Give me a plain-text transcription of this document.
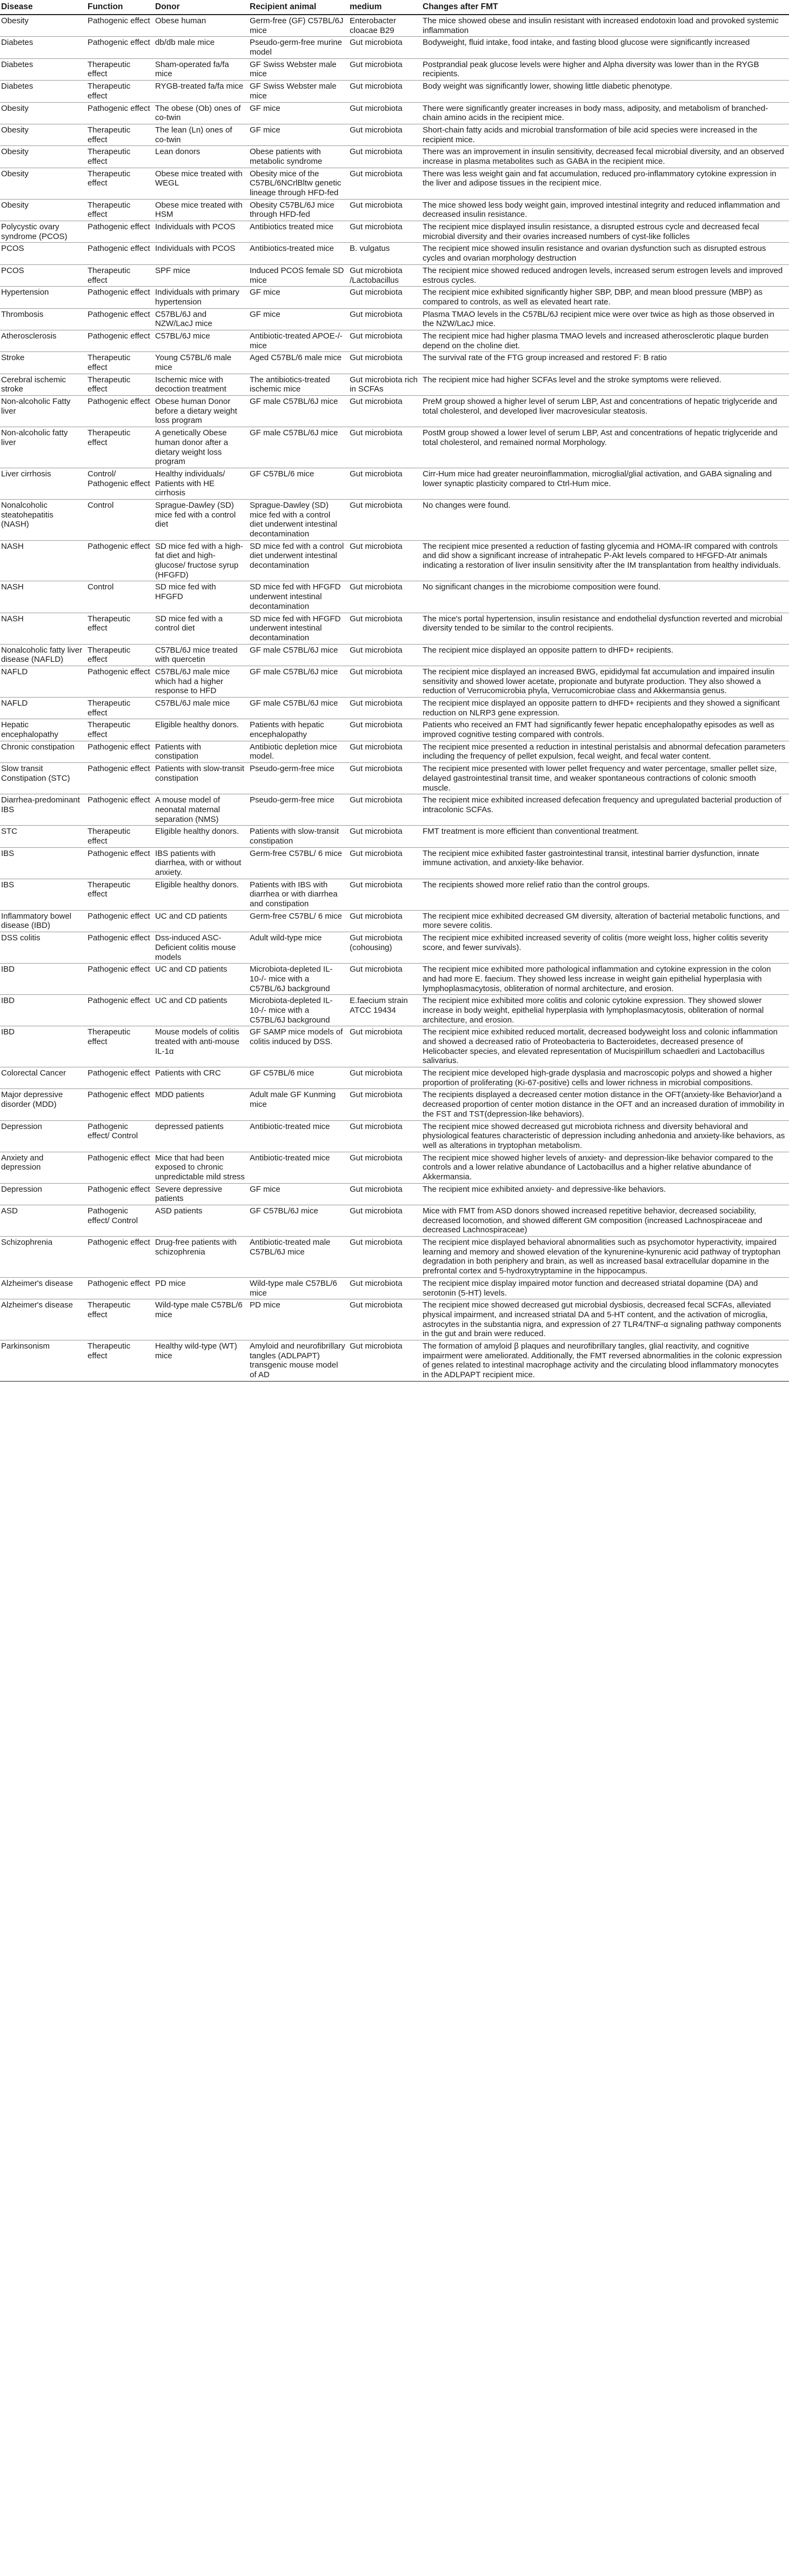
Disease	Function	Donor	Recipient animal	medium	Changes after FMT
Obesity	Pathogenic effect	Obese human	Germ-free (GF) C57BL/6J mice	Enterobacter cloacae B29	The mice showed obese and insulin resistant with increased endotoxin load and provoked systemic inflammation
Diabetes	Pathogenic effect	db/db male mice	Pseudo-germ-free murine model	Gut microbiota	Bodyweight, fluid intake, food intake, and fasting blood glucose were significantly increased
Diabetes	Therapeutic effect	Sham-operated fa/fa mice	GF Swiss Webster male mice	Gut microbiota	Postprandial peak glucose levels were higher and Alpha diversity was lower than in the RYGB recipients.
Diabetes	Therapeutic effect	RYGB-treated fa/fa mice	GF Swiss Webster male mice	Gut microbiota	Body weight was significantly lower, showing little diabetic phenotype.
Obesity	Pathogenic effect	The obese (Ob) ones of co-twin	GF mice	Gut microbiota	There were significantly greater increases in body mass, adiposity, and metabolism of branched-chain amino acids in the recipient mice.
Obesity	Therapeutic effect	The lean (Ln) ones of co-twin	GF mice	Gut microbiota	Short-chain fatty acids and microbial transformation of bile acid species were increased in the recipient mice.
Obesity	Therapeutic effect	Lean donors	Obese patients with metabolic syndrome	Gut microbiota	There was an improvement in insulin sensitivity, decreased fecal microbial diversity, and an observed increase in plasma metabolites such as GABA in the recipient mice.
Obesity	Therapeutic effect	Obese mice treated with WEGL	Obesity mice of the C57BL/6NCrlBltw genetic lineage through HFD-fed	Gut microbiota	There was less weight gain and fat accumulation, reduced pro-inflammatory cytokine expression in the liver and adipose tissues in the recipient mice.
Obesity	Therapeutic effect	Obese mice treated with HSM	Obesity C57BL/6J mice through HFD-fed	Gut microbiota	The mice showed less body weight gain, improved intestinal integrity and reduced inflammation and decreased insulin resistance.
Polycystic ovary syndrome (PCOS)	Pathogenic effect	Individuals with PCOS	Antibiotics treated mice	Gut microbiota	The recipient mice displayed insulin resistance, a disrupted estrous cycle and decreased fecal microbial diversity and their ovaries increased numbers of cyst-like follicles
PCOS	Pathogenic effect	Individuals with PCOS	Antibiotics-treated mice	B. vulgatus	The recipient mice showed insulin resistance and ovarian dysfunction such as disrupted estrous cycles and ovarian morphology destruction
PCOS	Therapeutic effect	SPF mice	Induced PCOS female SD mice	Gut microbiota /Lactobacillus	The recipient mice showed reduced androgen levels, increased serum estrogen levels and improved estrous cycles.
Hypertension	Pathogenic effect	Individuals with primary hypertension	GF mice	Gut microbiota	The recipient mice exhibited significantly higher SBP, DBP, and mean blood pressure (MBP) as compared to controls, as well as elevated heart rate.
Thrombosis	Pathogenic effect	C57BL/6J and NZW/LacJ mice	GF mice	Gut microbiota	Plasma TMAO levels in the C57BL/6J recipient mice were over twice as high as those observed in the NZW/LacJ mice.
Atherosclerosis	Pathogenic effect	C57BL/6J mice	Antibiotic-treated APOE-/- mice	Gut microbiota	The recipient mice had higher plasma TMAO levels and increased atherosclerotic plaque burden depend on the choline diet.
Stroke	Therapeutic effect	Young C57BL/6 male mice	Aged C57BL/6 male mice	Gut microbiota	The survival rate of the FTG group increased and restored F: B ratio
Cerebral ischemic stroke	Therapeutic effect	Ischemic mice with decoction treatment	The antibiotics-treated ischemic mice	Gut microbiota rich in SCFAs	The recipient mice had higher SCFAs level and the stroke symptoms were relieved.
Non-alcoholic Fatty liver	Pathogenic effect	Obese human Donor before a dietary weight loss program	GF male C57BL/6J mice	Gut microbiota	PreM group showed a higher level of serum LBP, Ast and concentrations of hepatic triglyceride and total cholesterol, and developed liver macrovesicular steatosis.
Non-alcoholic fatty liver	Therapeutic effect	A genetically Obese human donor after a dietary weight loss program	GF male C57BL/6J mice	Gut microbiota	PostM group showed a lower level of serum LBP, Ast and concentrations of hepatic triglyceride and total cholesterol, and remained normal Morphology.
Liver cirrhosis	Control/ Pathogenic effect	Healthy individuals/ Patients with HE cirrhosis	GF C57BL/6 mice	Gut microbiota	Cirr-Hum mice had greater neuroinflammation, microglial/glial activation, and GABA signaling and lower synaptic plasticity compared to Ctrl-Hum mice.
Nonalcoholic steatohepatitis (NASH)	Control	Sprague-Dawley (SD) mice fed with a control diet	Sprague-Dawley (SD) mice fed with a control diet underwent intestinal decontamination	Gut microbiota	No changes were found.
NASH	Pathogenic effect	SD mice fed with a high-fat diet and high-glucose/ fructose syrup (HFGFD)	SD mice fed with a control diet underwent intestinal decontamination	Gut microbiota	The recipient mice presented a reduction of fasting glycemia and HOMA-IR compared with controls and did show a significant increase of intrahepatic P-Akt levels compared to HFGFD-Atr animals indicating a restoration of liver insulin sensitivity after the IM transplantation from healthy individuals.
NASH	Control	SD mice fed with HFGFD	SD mice fed with HFGFD underwent intestinal decontamination	Gut microbiota	No significant changes in the microbiome composition were found.
NASH	Therapeutic effect	SD mice fed with a control diet	SD mice fed with HFGFD underwent intestinal decontamination	Gut microbiota	The mice's portal hypertension, insulin resistance and endothelial dysfunction reverted and microbial diversity tended to be similar to the control recipients.
Nonalcoholic fatty liver disease (NAFLD)	Therapeutic effect	C57BL/6J mice treated with quercetin	GF male C57BL/6J mice	Gut microbiota	The recipient mice displayed an opposite pattern to dHFD+ recipients.
NAFLD	Pathogenic effect	C57BL/6J male mice which had a higher response to HFD	GF male C57BL/6J mice	Gut microbiota	The recipient mice displayed an increased BWG, epididymal fat accumulation and impaired insulin sensitivity and showed lower acetate, propionate and butyrate production. They also showed a reduction of Verrucomicrobia phyla, Verrucomicrobiae class and Akkermansia genus.
NAFLD	Therapeutic effect	C57BL/6J male mice	GF male C57BL/6J mice	Gut microbiota	The recipient mice displayed an opposite pattern to dHFD+ recipients and they showed a significant reduction on NLRP3 gene expression.
Hepatic encephalopathy	Therapeutic effect	Eligible healthy donors.	Patients with hepatic encephalopathy	Gut microbiota	Patients who received an FMT had significantly fewer hepatic encephalopathy episodes as well as improved cognitive testing compared with controls.
Chronic constipation	Pathogenic effect	Patients with constipation	Antibiotic depletion mice model.	Gut microbiota	The recipient mice presented a reduction in intestinal peristalsis and abnormal defecation parameters including the frequency of pellet expulsion, fecal weight, and fecal water content.
Slow transit Constipation (STC)	Pathogenic effect	Patients with slow-transit constipation	Pseudo-germ-free mice	Gut microbiota	The recipient mice presented with lower pellet frequency and water percentage, smaller pellet size, delayed gastrointestinal transit time, and weaker spontaneous contractions of colonic smooth muscle.
Diarrhea-predominant IBS	Pathogenic effect	A mouse model of neonatal maternal separation (NMS)	Pseudo-germ-free mice	Gut microbiota	The recipient mice exhibited increased defecation frequency and upregulated bacterial production of intracolonic SCFAs.
STC	Therapeutic effect	Eligible healthy donors.	Patients with slow-transit constipation	Gut microbiota	FMT treatment is more efficient than conventional treatment.
IBS	Pathogenic effect	IBS patients with diarrhea, with or without anxiety.	Germ-free C57BL/ 6 mice	Gut microbiota	The recipient mice exhibited faster gastrointestinal transit, intestinal barrier dysfunction, innate immune activation, and anxiety-like behavior.
IBS	Therapeutic effect	Eligible healthy donors.	Patients with IBS with diarrhea or with diarrhea and constipation	Gut microbiota	The recipients showed more relief ratio than the control groups.
Inflammatory bowel disease (IBD)	Pathogenic effect	UC and CD patients	Germ-free C57BL/ 6 mice	Gut microbiota	The recipient mice exhibited decreased GM diversity, alteration of bacterial metabolic functions, and more severe colitis.
DSS colitis	Pathogenic effect	Dss-induced ASC-Deficient colitis mouse models	Adult wild-type mice	Gut microbiota (cohousing)	The recipient mice exhibited increased severity of colitis (more weight loss, higher colitis severity score, and fewer survivals).
IBD	Pathogenic effect	UC and CD patients	Microbiota-depleted IL-10-/- mice with a C57BL/6J background	Gut microbiota	The recipient mice exhibited more pathological inflammation and cytokine expression in the colon and had more E. faecium. They showed less increase in weight gain epithelial hyperplasia with lymphoplasmacytosis, obliteration of normal architecture, and erosion.
IBD	Pathogenic effect	UC and CD patients	Microbiota-depleted IL-10-/- mice with a C57BL/6J background	E.faecium strain ATCC 19434	The recipient mice exhibited more colitis and colonic cytokine expression. They showed slower increase in body weight, epithelial hyperplasia with lymphoplasmacytosis, obliteration of normal architecture, and erosion.
IBD	Therapeutic effect	Mouse models of colitis treated with anti-mouse IL-1α	GF SAMP mice models of colitis induced by DSS.	Gut microbiota	The recipient mice exhibited reduced mortalit, decreased bodyweight loss and colonic inflammation and showed a decreased ratio of Proteobacteria to Bacteroidetes, decreased presence of Helicobacter species, and elevated representation of Mucispirillum schaedleri and Lactobacillus salivarius.
Colorectal Cancer	Pathogenic effect	Patients with CRC	GF C57BL/6 mice	Gut microbiota	The recipient mice developed high-grade dysplasia and macroscopic polyps and showed a higher proportion of proliferating (Ki-67-positive) cells and lower richness in microbial compositions.
Major depressive disorder (MDD)	Pathogenic effect	MDD patients	Adult male GF Kunming mice	Gut microbiota	The recipients displayed a decreased center motion distance in the OFT(anxiety-like Behavior)and a decreased proportion of center motion distance in the OFT and an increased duration of immobility in the FST and TST(depression-like behaviors).
Depression	Pathogenic effect/ Control	depressed patients	Antibiotic-treated mice	Gut microbiota	The recipient mice showed decreased gut microbiota richness and diversity behavioral and physiological features characteristic of depression including anhedonia and anxiety-like behaviors, as well as alterations in tryptophan metabolism.
Anxiety and depression	Pathogenic effect	Mice that had been exposed to chronic unpredictable mild stress	Antibiotic-treated mice	Gut microbiota	The recipient mice showed higher levels of anxiety- and depression-like behavior compared to the controls and a lower relative abundance of Lactobacillus and a higher relative abundance of Akkermansia.
Depression	Pathogenic effect	Severe depressive patients	GF mice	Gut microbiota	The recipient mice exhibited anxiety- and depressive-like behaviors.
ASD	Pathogenic effect/ Control	ASD patients	GF C57BL/6J mice	Gut microbiota	Mice with FMT from ASD donors showed increased repetitive behavior, decreased sociability, decreased locomotion, and showed different GM composition (increased Lachnospiraceae and decreased Lachnospiraceae)
Schizophrenia	Pathogenic effect	Drug-free patients with schizophrenia	Antibiotic-treated male C57BL/6J mice	Gut microbiota	The recipient mice displayed behavioral abnormalities such as psychomotor hyperactivity, impaired learning and memory and showed elevation of the kynurenine-kynurenic acid pathway of tryptophan degradation in both periphery and brain, as well as increased basal extracellular dopamine in the prefrontal cortex and 5-hydroxytryptamine in the hippocampus.
Alzheimer's disease	Pathogenic effect	PD mice	Wild-type male C57BL/6 mice	Gut microbiota	The recipient mice display impaired motor function and decreased striatal dopamine (DA) and serotonin (5-HT) levels.
Alzheimer's disease	Therapeutic effect	Wild-type male C57BL/6 mice	PD mice	Gut microbiota	The recipient mice showed decreased gut microbial dysbiosis, decreased fecal SCFAs, alleviated physical impairment, and increased striatal DA and 5-HT content, and the activation of microglia, astrocytes in the substantia nigra, and expression of 27 TLR4/TNF-α signaling pathway components in the gut and brain were reduced.
Parkinsonism	Therapeutic effect	Healthy wild-type (WT) mice	Amyloid and neurofibrillary tangles (ADLPAPT) transgenic mouse model of AD	Gut microbiota	The formation of amyloid β plaques and neurofibrillary tangles, glial reactivity, and cognitive impairment were ameliorated. Additionally, the FMT reversed abnormalities in the colonic expression of genes related to intestinal macrophage activity and the circulating blood inflammatory monocytes in the ADLPAPT recipient mice.
